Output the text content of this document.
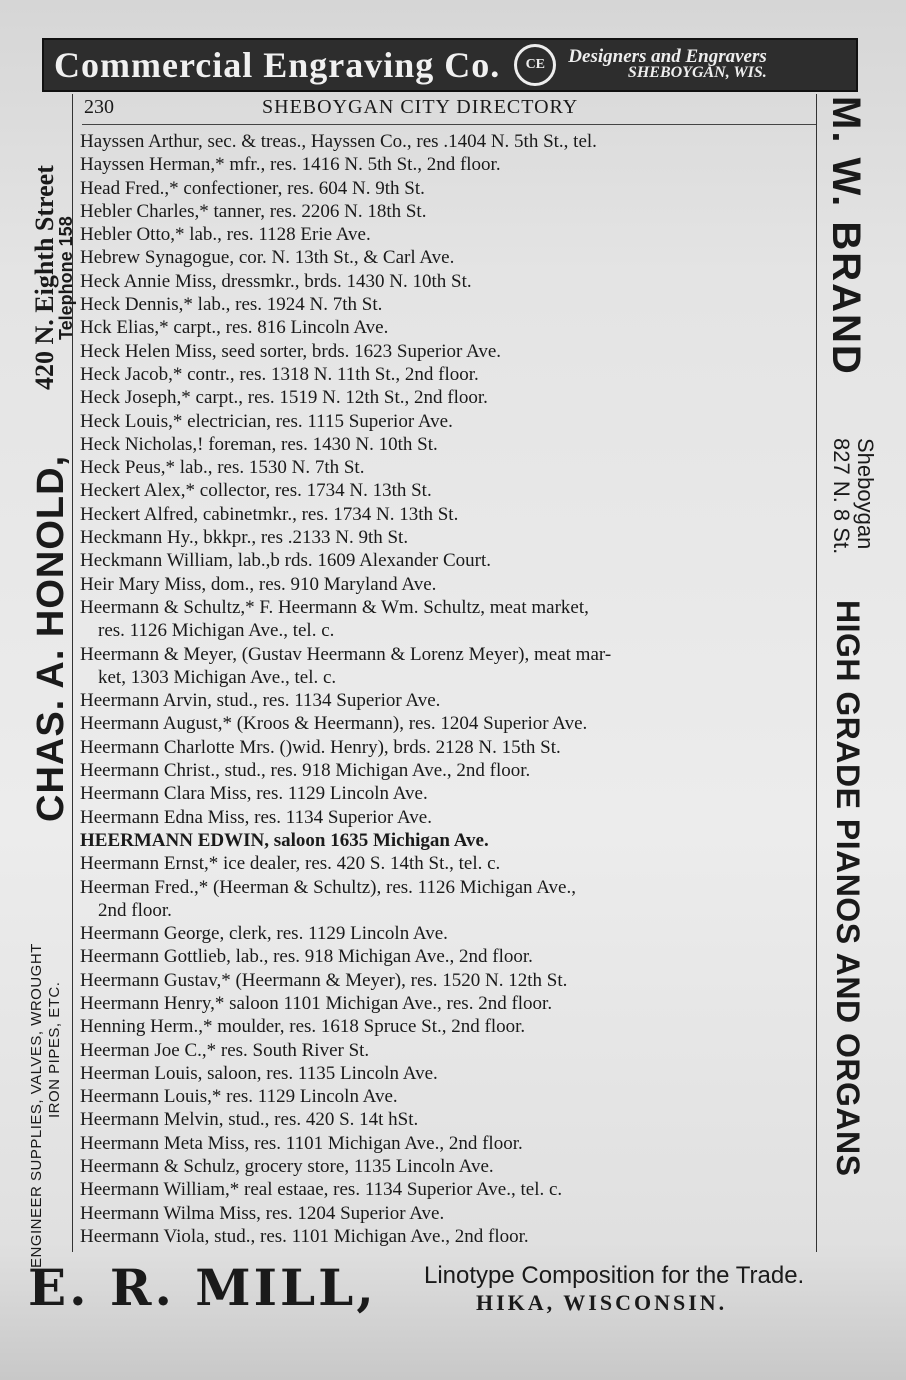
Commercial Engraving Co.	CE	Designers and Engravers
SHEBOYGAN, WIS.
230	SHEBOYGAN CITY DIRECTORY
Hayssen Arthur, sec. & treas., Hayssen Co., res .1404 N. 5th St., tel.
Hayssen Herman,* mfr., res. 1416 N. 5th St., 2nd floor.
Head Fred.,* confectioner, res. 604 N. 9th St.
Hebler Charles,* tanner, res. 2206 N. 18th St.
Hebler Otto,* lab., res. 1128 Erie Ave.
Hebrew Synagogue, cor. N. 13th St., & Carl Ave.
Heck Annie Miss, dressmkr., brds. 1430 N. 10th St.
Heck Dennis,* lab., res. 1924 N. 7th St.
Hck Elias,* carpt., res. 816 Lincoln Ave.
Heck Helen Miss, seed sorter, brds. 1623 Superior Ave.
Heck Jacob,* contr., res. 1318 N. 11th St., 2nd floor.
Heck Joseph,* carpt., res. 1519 N. 12th St., 2nd floor.
Heck Louis,* electrician, res. 1115 Superior Ave.
Heck Nicholas,! foreman, res. 1430 N. 10th St.
Heck Peus,* lab., res. 1530 N. 7th St.
Heckert Alex,* collector, res. 1734 N. 13th St.
Heckert Alfred, cabinetmkr., res. 1734 N. 13th St.
Heckmann Hy., bkkpr., res .2133 N. 9th St.
Heckmann William, lab.,b rds. 1609 Alexander Court.
Heir Mary Miss, dom., res. 910 Maryland Ave.
Heermann & Schultz,* F. Heermann & Wm. Schultz, meat market,
res. 1126 Michigan Ave., tel. c.
Heermann & Meyer, (Gustav Heermann & Lorenz Meyer), meat mar-
ket, 1303 Michigan Ave., tel. c.
Heermann Arvin, stud., res. 1134 Superior Ave.
Heermann August,* (Kroos & Heermann), res. 1204 Superior Ave.
Heermann Charlotte Mrs. ()wid. Henry), brds. 2128 N. 15th St.
Heermann Christ., stud., res. 918 Michigan Ave., 2nd floor.
Heermann Clara Miss, res. 1129 Lincoln Ave.
Heermann Edna Miss, res. 1134 Superior Ave.
HEERMANN EDWIN, saloon 1635 Michigan Ave.
Heermann Ernst,* ice dealer, res. 420 S. 14th St., tel. c.
Heerman Fred.,* (Heerman & Schultz), res. 1126 Michigan Ave.,
2nd floor.
Heermann George, clerk, res. 1129 Lincoln Ave.
Heermann Gottlieb, lab., res. 918 Michigan Ave., 2nd floor.
Heermann Gustav,* (Heermann & Meyer), res. 1520 N. 12th St.
Heermann Henry,* saloon 1101 Michigan Ave., res. 2nd floor.
Henning Herm.,* moulder, res. 1618 Spruce St., 2nd floor.
Heerman Joe C.,* res. South River St.
Heerman Louis, saloon, res. 1135 Lincoln Ave.
Heermann Louis,* res. 1129 Lincoln Ave.
Heermann Melvin, stud., res. 420 S. 14t hSt.
Heermann Meta Miss, res. 1101 Michigan Ave., 2nd floor.
Heermann & Schulz, grocery store, 1135 Lincoln Ave.
Heermann William,* real estaae, res. 1134 Superior Ave., tel. c.
Heermann Wilma Miss, res. 1204 Superior Ave.
Heermann Viola, stud., res. 1101 Michigan Ave., 2nd floor.
CHAS. A. HONOLD,
420 N. Eighth Street
Telephone 158
ENGINEER SUPPLIES, VALVES, WROUGHT IRON PIPES, ETC.
M. W. BRAND
Sheboygan
827 N. 8 St.
HIGH GRADE PIANOS AND ORGANS
E. R. MILL, Linotype Composition for the Trade.
HIKA, WISCONSIN.
